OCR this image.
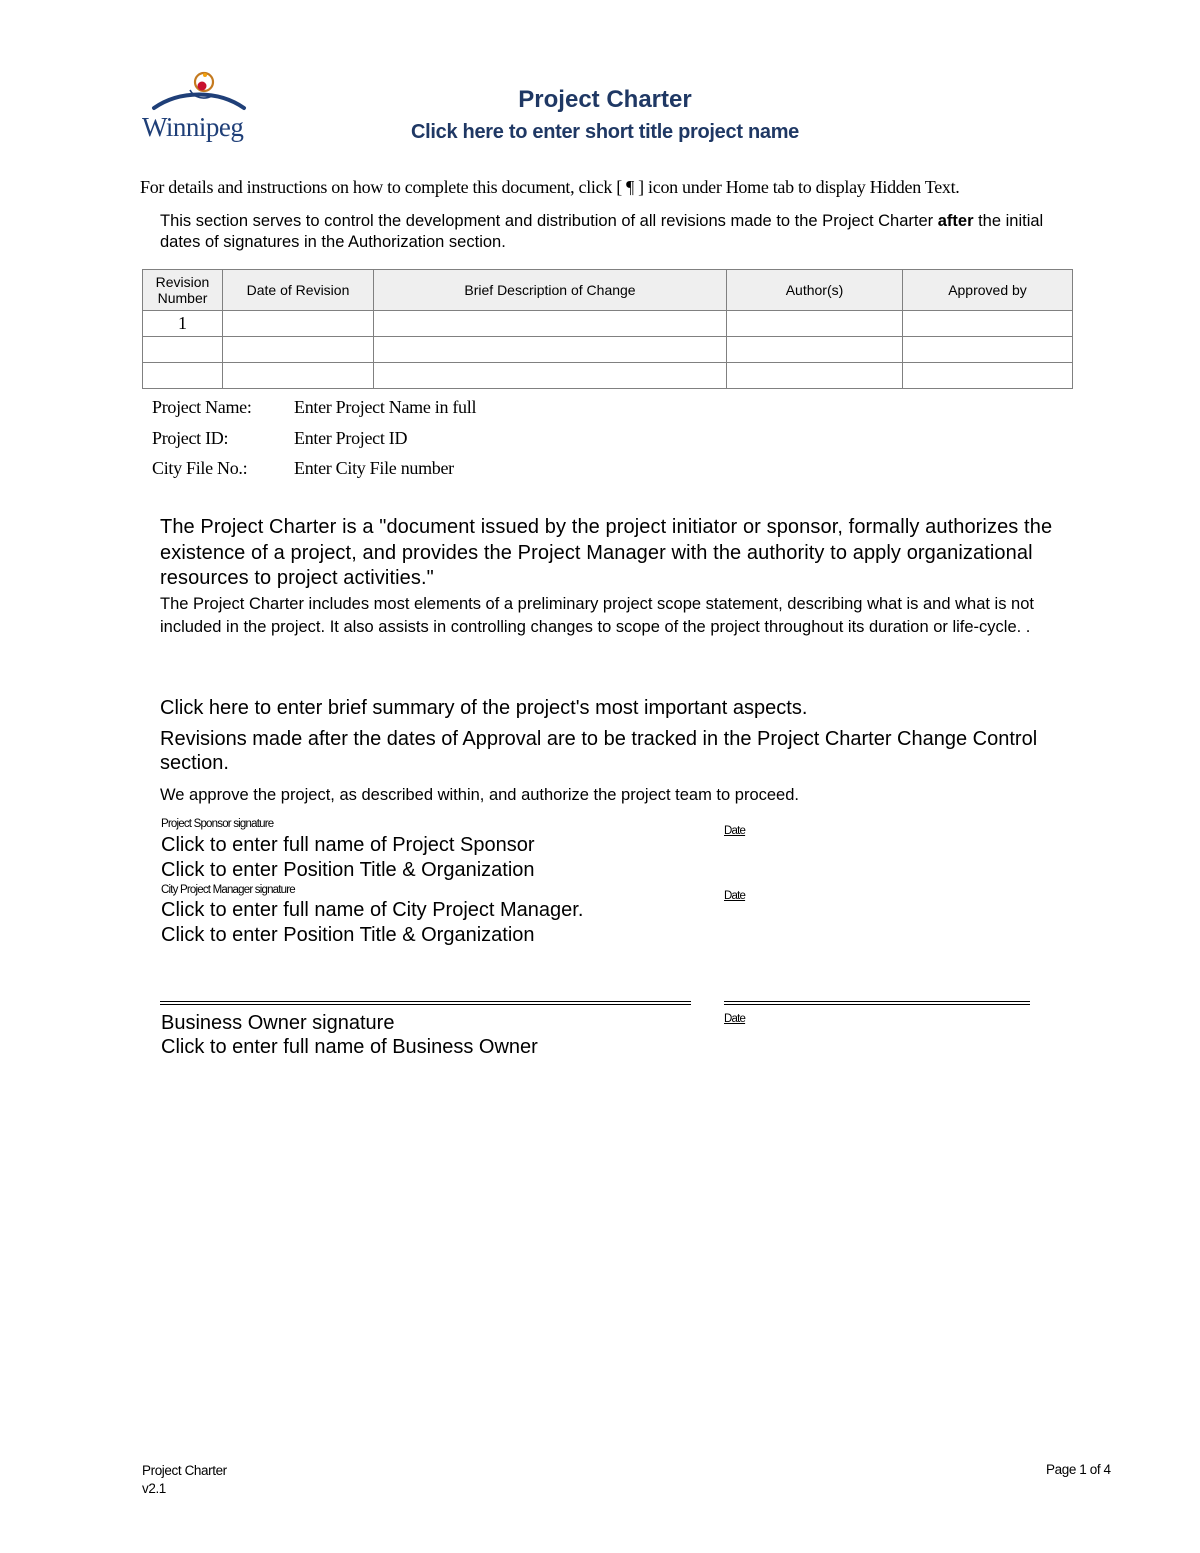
Winnipeg
Project Charter
Click here to enter short title project name
For details and instructions on how to complete this document, click [ ¶ ] icon under Home tab to display Hidden Text.
This section serves to control the development and distribution of all revisions made to the Project Charter after the initial dates of signatures in the Authorization section.
Revision Number	Date of Revision	Brief Description of Change	Author(s)	Approved by
1				

Project Name: Enter Project Name in full
Project ID:	Enter Project ID
City File No.:	Enter City File number
The Project Charter is a "document issued by the project initiator or sponsor, formally authorizes the existence of a project, and provides the Project Manager with the authority to apply organizational resources to project activities."
The Project Charter includes most elements of a preliminary project scope statement, describing what is and what is not included in the project. It also assists in controlling changes to scope of the project throughout its duration or life-cycle. .
Click here to enter brief summary of the project's most important aspects.
Revisions made after the dates of Approval are to be tracked in the Project Charter Change Control section.
We approve the project, as described within, and authorize the project team to proceed.
Project Sponsor signature
Date
Click to enter full name of Project Sponsor
Click to enter Position Title & Organization
City Project Manager signature	Date
Click to enter full name of City Project Manager.
Click to enter Position Title & Organization
Business Owner signature	Date
Click to enter full name of Business Owner
Project Charter
v2.1
Page 1 of 4
